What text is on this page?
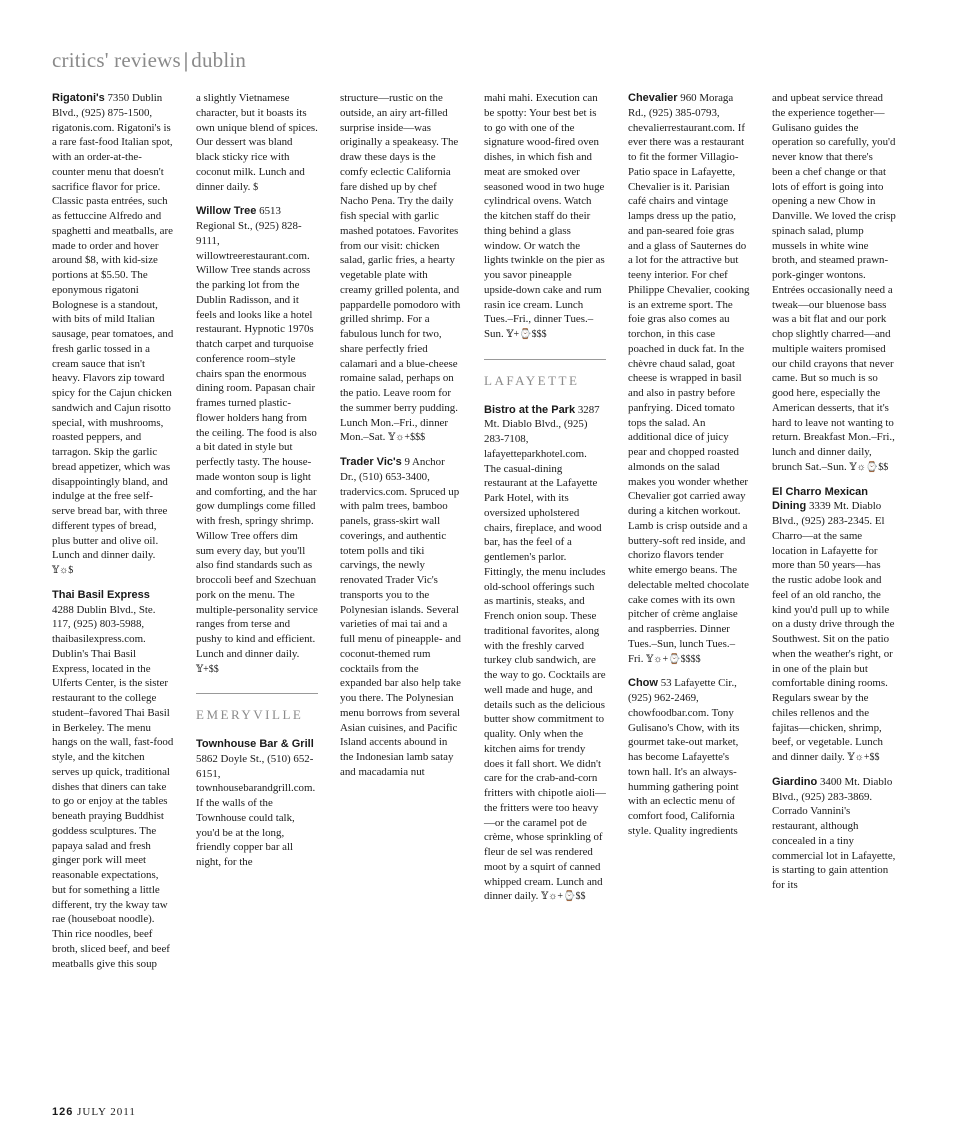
critics' reviews | dublin

Rigatoni's 7350 Dublin Blvd., (925) 875-1500, rigatonis.com. Rigatoni's is a rare fast-food Italian spot, with an order-at-the-counter menu that doesn't sacrifice flavor for price. Classic pasta entrées, such as fettuccine Alfredo and spaghetti and meatballs, are made to order and hover around $8, with kid-size portions at $5.50. The eponymous rigatoni Bolognese is a standout, with bits of mild Italian sausage, pear tomatoes, and fresh garlic tossed in a cream sauce that isn't heavy. Flavors zip toward spicy for the Cajun chicken sandwich and Cajun risotto special, with mushrooms, roasted peppers, and tarragon. Skip the garlic bread appetizer, which was disappointingly bland, and indulge at the free self-serve bread bar, with three different types of bread, plus butter and olive oil. Lunch and dinner daily. 𝕐☼$

Thai Basil Express 4288 Dublin Blvd., Ste. 117, (925) 803-5988, thaibasilexpress.com. Dublin's Thai Basil Express, located in the Ulferts Center, is the sister restaurant to the college student–favored Thai Basil in Berkeley. The menu hangs on the wall, fast-food style, and the kitchen serves up quick, traditional dishes that diners can take to go or enjoy at the tables beneath praying Buddhist goddess sculptures. The papaya salad and fresh ginger pork will meet reasonable expectations, but for something a little different, try the kway taw rae (houseboat noodle). Thin rice noodles, beef broth, sliced beef, and beef meatballs give this soup

a slightly Vietnamese character, but it boasts its own unique blend of spices. Our dessert was bland black sticky rice with coconut milk. Lunch and dinner daily. $

Willow Tree 6513 Regional St., (925) 828-9111, willowtreerestaurant.com. Willow Tree stands across the parking lot from the Dublin Radisson, and it feels and looks like a hotel restaurant. Hypnotic 1970s thatch carpet and turquoise conference room–style chairs span the enormous dining room. Papasan chair frames turned plastic-flower holders hang from the ceiling. The food is also a bit dated in style but perfectly tasty. The house-made wonton soup is light and comforting, and the har gow dumplings come filled with fresh, springy shrimp. Willow Tree offers dim sum every day, but you'll also find standards such as broccoli beef and Szechuan pork on the menu. The multiple-personality service ranges from terse and pushy to kind and efficient. Lunch and dinner daily. 𝕐+$$

EMERYVILLE

Townhouse Bar & Grill 5862 Doyle St., (510) 652-6151, townhousebarandgrill.com. If the walls of the Townhouse could talk, you'd be at the long, friendly copper bar all night, for the

structure—rustic on the outside, an airy art-filled surprise inside—was originally a speakeasy. The draw these days is the comfy eclectic California fare dished up by chef Nacho Pena. Try the daily fish special with garlic mashed potatoes. Favorites from our visit: chicken salad, garlic fries, a hearty vegetable plate with creamy grilled polenta, and pappardelle pomodoro with grilled shrimp. For a fabulous lunch for two, share perfectly fried calamari and a blue-cheese romaine salad, perhaps on the patio. Leave room for the summer berry pudding. Lunch Mon.–Fri., dinner Mon.–Sat. 𝕐☼+$$$

Trader Vic's 9 Anchor Dr., (510) 653-3400, tradervics.com. Spruced up with palm trees, bamboo panels, grass-skirt wall coverings, and authentic totem polls and tiki carvings, the newly renovated Trader Vic's transports you to the Polynesian islands. Several varieties of mai tai and a full menu of pineapple- and coconut-themed rum cocktails from the expanded bar also help take you there. The Polynesian menu borrows from several Asian cuisines, and Pacific Island accents abound in the Indonesian lamb satay and macadamia nut

mahi mahi. Execution can be spotty: Your best bet is to go with one of the signature wood-fired oven dishes, in which fish and meat are smoked over seasoned wood in two huge cylindrical ovens. Watch the kitchen staff do their thing behind a glass window. Or watch the lights twinkle on the pier as you savor pineapple upside-down cake and rum rasin ice cream. Lunch Tues.–Fri., dinner Tues.–Sun. 𝕐+⌚$$$

LAFAYETTE

Bistro at the Park 3287 Mt. Diablo Blvd., (925) 283-7108, lafayetteparkhotel.com. The casual-dining restaurant at the Lafayette Park Hotel, with its oversized upholstered chairs, fireplace, and wood bar, has the feel of a gentlemen's parlor. Fittingly, the menu includes old-school offerings such as martinis, steaks, and French onion soup. These traditional favorites, along with the freshly carved turkey club sandwich, are the way to go. Cocktails are well made and huge, and details such as the delicious butter show commitment to quality. Only when the kitchen aims for trendy does it fall short. We didn't care for the crab-and-corn fritters with chipotle aioli—the fritters were too heavy—or the caramel pot de crème, whose sprinkling of fleur de sel was rendered moot by a squirt of canned whipped cream. Lunch and dinner daily. 𝕐☼+⌚$$

Chevalier 960 Moraga Rd., (925) 385-0793, chevalierrestaurant.com. If ever there was a restaurant to fit the former Villagio-Patio space in Lafayette, Chevalier is it. Parisian café chairs and vintage lamps dress up the patio, and pan-seared foie gras and a glass of Sauternes do a lot for the attractive but teeny interior. For chef Philippe Chevalier, cooking is an extreme sport. The foie gras also comes au torchon, in this case poached in duck fat. In the chèvre chaud salad, goat cheese is wrapped in basil and also in pastry before panfrying. Diced tomato tops the salad. An additional dice of juicy pear and chopped roasted almonds on the salad makes you wonder whether Chevalier got carried away during a kitchen workout. Lamb is crisp outside and a buttery-soft red inside, and chorizo flavors tender white emergo beans. The delectable melted chocolate cake comes with its own pitcher of crème anglaise and raspberries. Dinner Tues.–Sun, lunch Tues.–Fri. 𝕐☼+⌚$$$$

Chow 53 Lafayette Cir., (925) 962-2469, chowfoodbar.com. Tony Gulisano's Chow, with its gourmet take-out market, has become Lafayette's town hall. It's an always-humming gathering point with an eclectic menu of comfort food, California style. Quality ingredients

and upbeat service thread the experience together—Gulisano guides the operation so carefully, you'd never know that there's been a chef change or that lots of effort is going into opening a new Chow in Danville. We loved the crisp spinach salad, plump mussels in white wine broth, and steamed prawn-pork-ginger wontons. Entrées occasionally need a tweak—our bluenose bass was a bit flat and our pork chop slightly charred—and multiple waiters promised our child crayons that never came. But so much is so good here, especially the American desserts, that it's hard to leave not wanting to return. Breakfast Mon.–Fri., lunch and dinner daily, brunch Sat.–Sun. 𝕐☼⌚$$

El Charro Mexican Dining 3339 Mt. Diablo Blvd., (925) 283-2345. El Charro—at the same location in Lafayette for more than 50 years—has the rustic adobe look and feel of an old rancho, the kind you'd pull up to while on a dusty drive through the Southwest. Sit on the patio when the weather's right, or in one of the plain but comfortable dining rooms. Regulars swear by the chiles rellenos and the fajitas—chicken, shrimp, beef, or vegetable. Lunch and dinner daily. 𝕐☼+$$

Giardino 3400 Mt. Diablo Blvd., (925) 283-3869. Corrado Vannini's restaurant, although concealed in a tiny commercial lot in Lafayette, is starting to gain attention for its

126 JULY 2011
